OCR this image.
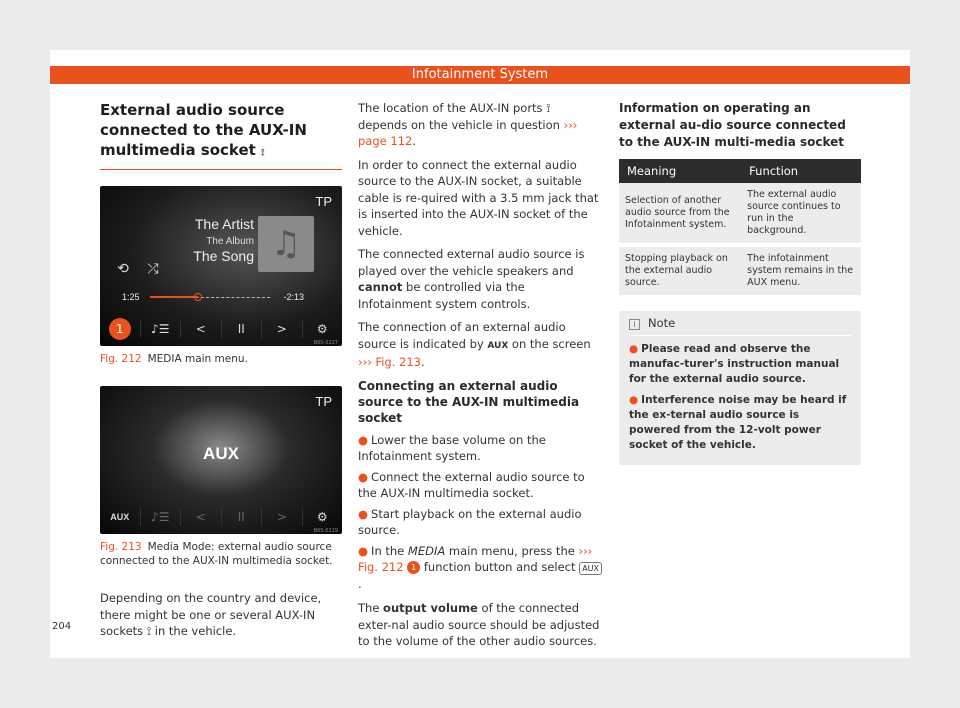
Infotainment System
External audio source connected to the AUX-IN multimedia socket ⟟
TP
The Artist
The Album
The Song ♫
⟲	⤮
1:25	-2:13
1	♪☰	<	II	>	⚙
B6S-0227
Fig. 212 MEDIA main menu.
TP
AUX
AUX	♪☰	<	II	>	⚙
B6S-0229
Fig. 213 Media Mode: external audio source connected to the AUX-IN multimedia socket.

Depending on the country and device, there might be one or several AUX-IN sockets ⟟ in the vehicle.

The location of the AUX-IN ports ⟟ depends on the vehicle in question ››› page 112.

In order to connect the external audio source to the AUX-IN socket, a suitable cable is re-quired with a 3.5 mm jack that is inserted into the AUX-IN socket of the vehicle.

The connected external audio source is played over the vehicle speakers and cannot be controlled via the Infotainment system controls.

The connection of an external audio source is indicated by AUX on the screen ››› Fig. 213.

Connecting an external audio source to the AUX-IN multimedia socket
● Lower the base volume on the Infotainment system.
● Connect the external audio source to the AUX-IN multimedia socket.
● Start playback on the external audio source.
● In the MEDIA main menu, press the ››› Fig. 212 1 function button and select AUX.

The output volume of the connected exter-nal audio source should be adjusted to the volume of the other audio sources.

Information on operating an external au-dio source connected to the AUX-IN multi-media socket
Meaning	Function
Selection of another audio source from the Infotainment system.	The external audio source continues to run in the background.
Stopping playback on the external audio source.	The infotainment system remains in the AUX menu.
i Note
● Please read and observe the manufac-turer's instruction manual for the external audio source.
● Interference noise may be heard if the ex-ternal audio source is powered from the 12-volt power socket of the vehicle.
204
